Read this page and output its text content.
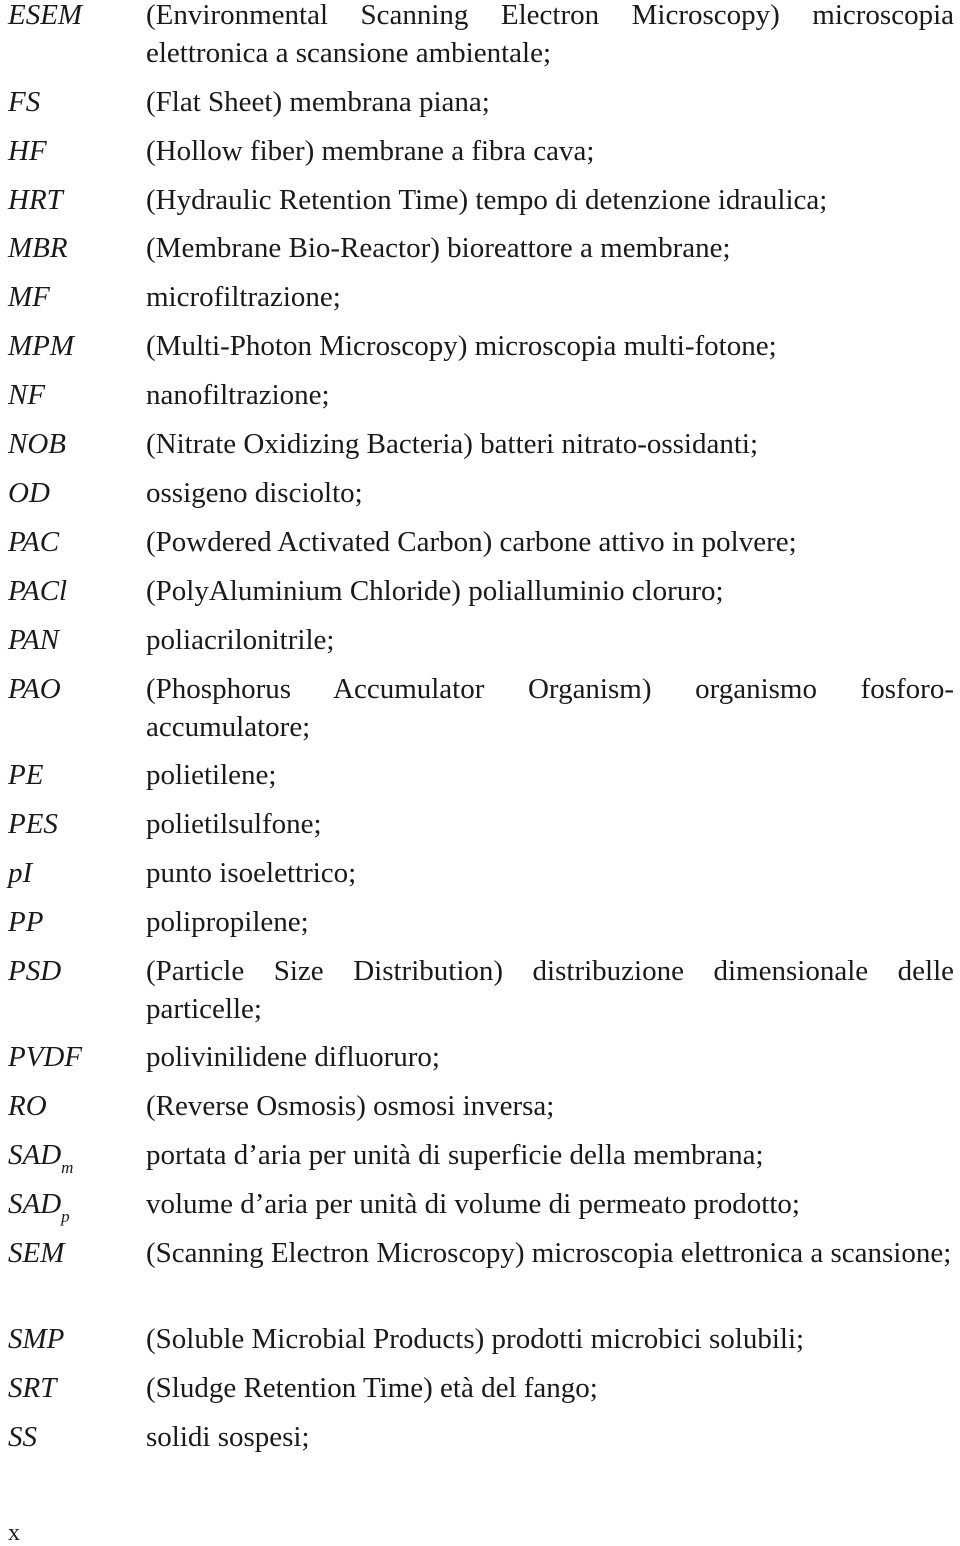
ESEM	(Environmental Scanning Electron Microscopy) microscopia elettronica a scansione ambientale;
FS	(Flat Sheet) membrana piana;
HF	(Hollow fiber) membrane a fibra cava;
HRT	(Hydraulic Retention Time) tempo di detenzione idraulica;
MBR	(Membrane Bio-Reactor) bioreattore a membrane;
MF	microfiltrazione;
MPM	(Multi-Photon Microscopy) microscopia multi-fotone;
NF	nanofiltrazione;
NOB	(Nitrate Oxidizing Bacteria) batteri nitrato-ossidanti;
OD	ossigeno disciolto;
PAC	(Powdered Activated Carbon) carbone attivo in polvere;
PACl	(PolyAluminium Chloride) polialluminio cloruro;
PAN	poliacrilonitrile;
PAO	(Phosphorus Accumulator Organism) organismo fosforo-accumulatore;
PE	polietilene;
PES	polietilsulfone;
pI	punto isoelettrico;
PP	polipropilene;
PSD	(Particle Size Distribution) distribuzione dimensionale delle particelle;
PVDF	polivinilidene difluoruro;
RO	(Reverse Osmosis) osmosi inversa;
$SAD_m$	portata d’aria per unità di superficie della membrana;
$SAD_p$	volume d’aria per unità di volume di permeato prodotto;
SEM	(Scanning Electron Microscopy) microscopia elettronica a scansione;
SMP	(Soluble Microbial Products) prodotti microbici solubili;
SRT	(Sludge Retention Time) età del fango;
SS	solidi sospesi;
x
